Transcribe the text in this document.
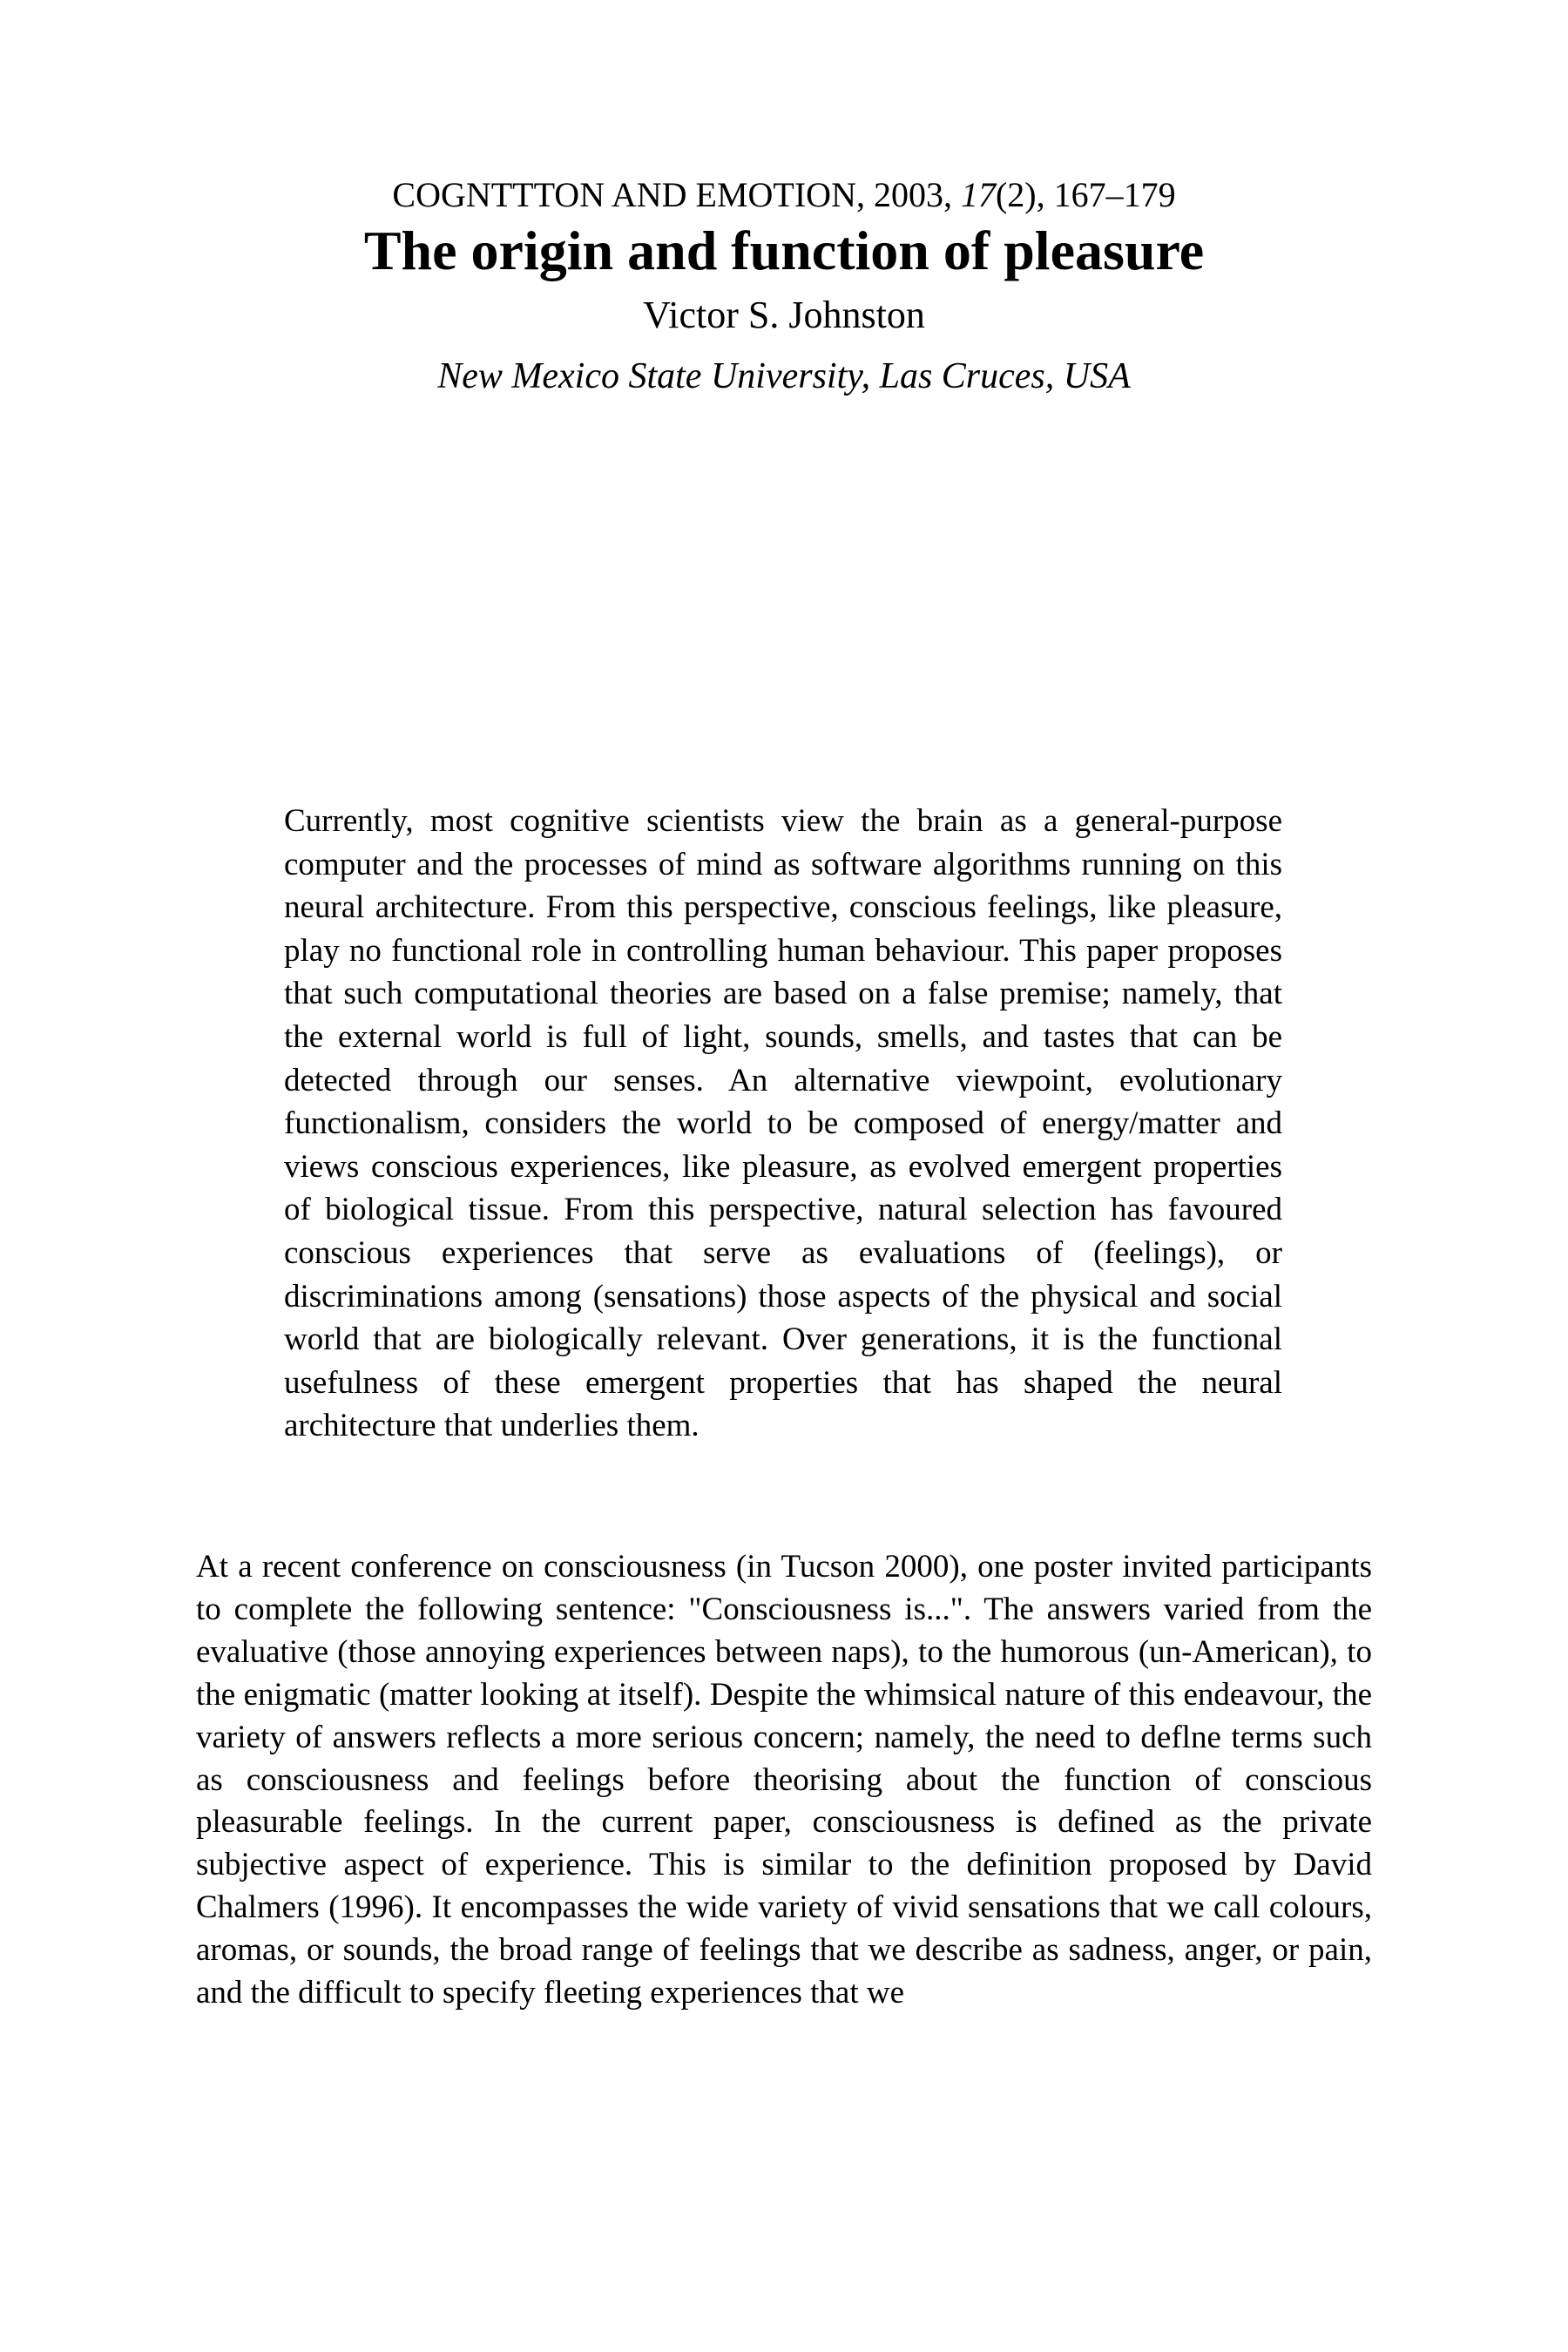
COGNTTTON AND EMOTION, 2003, 17(2), 167–179
The origin and function of pleasure
Victor S. Johnston
New Mexico State University, Las Cruces, USA

Currently, most cognitive scientists view the brain as a general-purpose computer and the processes of mind as software algorithms running on this neural architecture. From this perspective, conscious feelings, like pleasure, play no functional role in controlling human behaviour. This paper proposes that such computational theories are based on a false premise; namely, that the external world is full of light, sounds, smells, and tastes that can be detected through our senses. An alternative viewpoint, evolutionary functionalism, considers the world to be composed of energy/matter and views conscious experiences, like pleasure, as evolved emergent properties of biological tissue. From this perspective, natural selection has favoured conscious experiences that serve as evaluations of (feelings), or discriminations among (sensations) those aspects of the physical and social world that are biologically relevant. Over generations, it is the functional usefulness of these emergent properties that has shaped the neural architecture that underlies them.

At a recent conference on consciousness (in Tucson 2000), one poster invited participants to complete the following sentence: "Consciousness is...". The answers varied from the evaluative (those annoying experiences between naps), to the humorous (un-American), to the enigmatic (matter looking at itself). Despite the whimsical nature of this endeavour, the variety of answers reflects a more serious concern; namely, the need to deflne terms such as consciousness and feelings before theorising about the function of conscious pleasurable feelings. In the current paper, consciousness is defined as the private subjective aspect of experience. This is similar to the definition proposed by David Chalmers (1996). It encompasses the wide variety of vivid sensations that we call colours, aromas, or sounds, the broad range of feelings that we describe as sadness, anger, or pain, and the difficult to specify fleeting experiences that we
